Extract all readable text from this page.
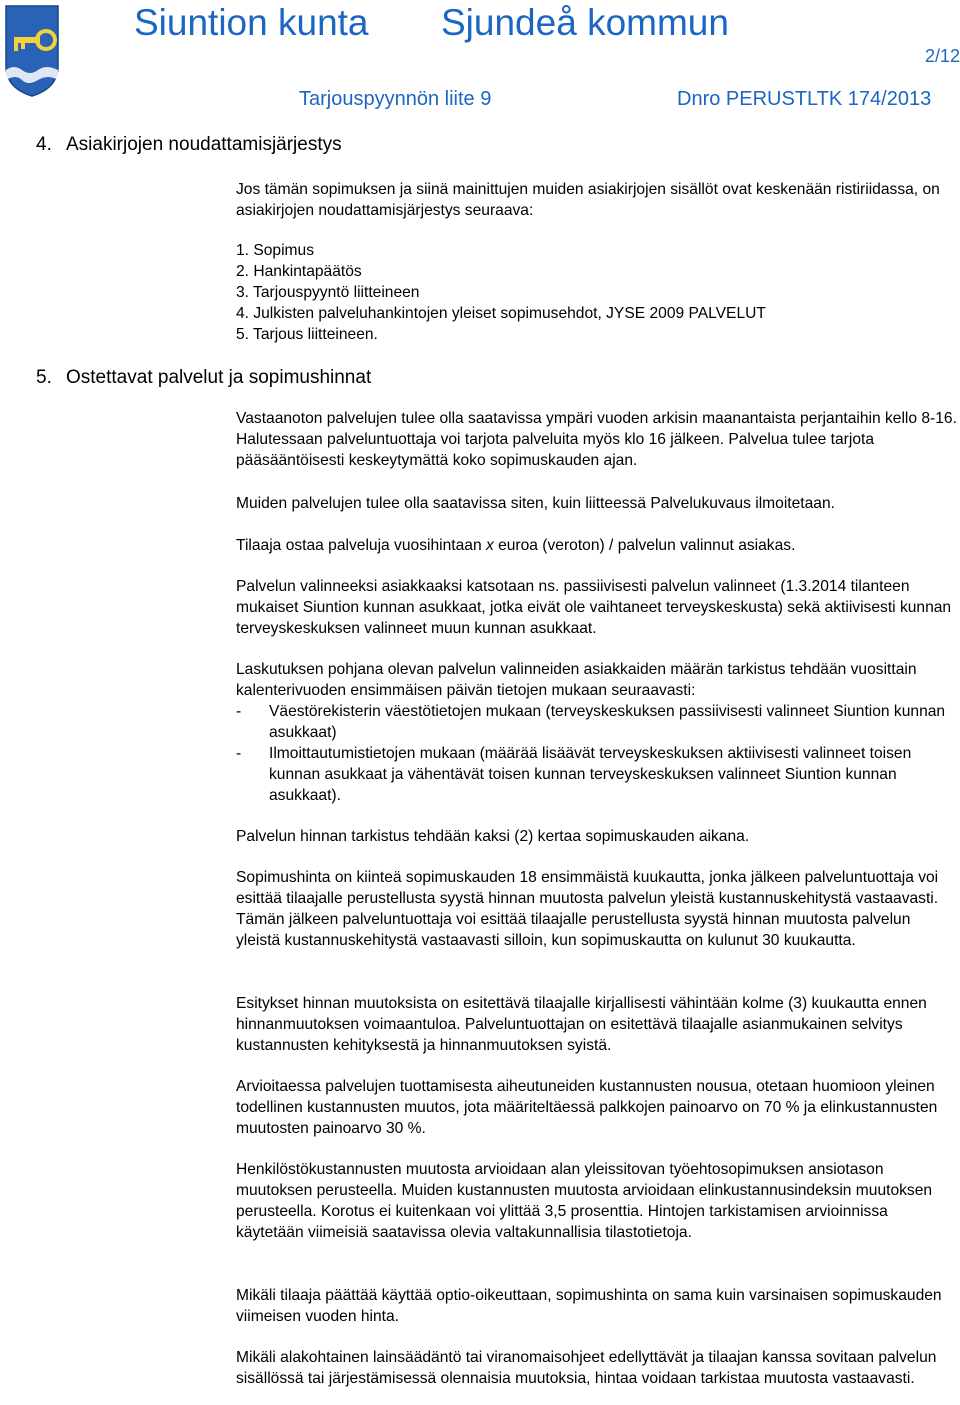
Siuntion kunta Sjundeå kommun
2/12
Tarjouspyynnön liite 9	Dnro PERUSTLTK 174/2013
4. Asiakirjojen noudattamisjärjestys

Jos tämän sopimuksen ja siinä mainittujen muiden asiakirjojen sisällöt ovat keskenään ristiriidassa, on asiakirjojen noudattamisjärjestys seuraava:

1. Sopimus
2. Hankintapäätös
3. Tarjouspyyntö liitteineen
4. Julkisten palveluhankintojen yleiset sopimusehdot, JYSE 2009 PALVELUT
5. Tarjous liitteineen.
5. Ostettavat palvelut ja sopimushinnat

Vastaanoton palvelujen tulee olla saatavissa ympäri vuoden arkisin maanantaista perjantaihin kello 8-16. Halutessaan palveluntuottaja voi tarjota palveluita myös klo 16 jälkeen. Palvelua tulee tarjota pääsääntöisesti keskeytymättä koko sopimuskauden ajan.

Muiden palvelujen tulee olla saatavissa siten, kuin liitteessä Palvelukuvaus ilmoitetaan.

Tilaaja ostaa palveluja vuosihintaan x euroa (veroton) / palvelun valinnut asiakas.

Palvelun valinneeksi asiakkaaksi katsotaan ns. passiivisesti palvelun valinneet (1.3.2014 tilanteen mukaiset Siuntion kunnan asukkaat, jotka eivät ole vaihtaneet terveyskeskusta) sekä aktiivisesti kunnan terveyskeskuksen valinneet muun kunnan asukkaat.

Laskutuksen pohjana olevan palvelun valinneiden asiakkaiden määrän tarkistus tehdään vuosittain kalenterivuoden ensimmäisen päivän tietojen mukaan seuraavasti:

- Väestörekisterin väestötietojen mukaan (terveyskeskuksen passiivisesti valinneet Siuntion kunnan asukkaat)
- Ilmoittautumistietojen mukaan (määrää lisäävät terveyskeskuksen aktiivisesti valinneet toisen kunnan asukkaat ja vähentävät toisen kunnan terveyskeskuksen valinneet Siuntion kunnan asukkaat).

Palvelun hinnan tarkistus tehdään kaksi (2) kertaa sopimuskauden aikana.

Sopimushinta on kiinteä sopimuskauden 18 ensimmäistä kuukautta, jonka jälkeen palveluntuottaja voi esittää tilaajalle perustellusta syystä hinnan muutosta palvelun yleistä kustannuskehitystä vastaavasti. Tämän jälkeen palveluntuottaja voi esittää tilaajalle perustellusta syystä hinnan muutosta palvelun yleistä kustannuskehitystä vastaavasti silloin, kun sopimuskautta on kulunut 30 kuukautta.

Esitykset hinnan muutoksista on esitettävä tilaajalle kirjallisesti vähintään kolme (3) kuukautta ennen hinnanmuutoksen voimaantuloa. Palveluntuottajan on esitettävä tilaajalle asianmukainen selvitys kustannusten kehityksestä ja hinnanmuutoksen syistä.

Arvioitaessa palvelujen tuottamisesta aiheutuneiden kustannusten nousua, otetaan huomioon yleinen todellinen kustannusten muutos, jota määriteltäessä palkkojen painoarvo on 70 % ja elinkustannusten muutosten painoarvo 30 %.

Henkilöstökustannusten muutosta arvioidaan alan yleissitovan työehtosopimuksen ansiotason muutoksen perusteella. Muiden kustannusten muutosta arvioidaan elinkustannusindeksin muutoksen perusteella. Korotus ei kuitenkaan voi ylittää 3,5 prosenttia. Hintojen tarkistamisen arvioinnissa käytetään viimeisiä saatavissa olevia valtakunnallisia tilastotietoja.

Mikäli tilaaja päättää käyttää optio-oikeuttaan, sopimushinta on sama kuin varsinaisen sopimuskauden viimeisen vuoden hinta.

Mikäli alakohtainen lainsäädäntö tai viranomaisohjeet edellyttävät ja tilaajan kanssa sovitaan palvelun sisällössä tai järjestämisessä olennaisia muutoksia, hintaa voidaan tarkistaa muutosta vastaavasti.
